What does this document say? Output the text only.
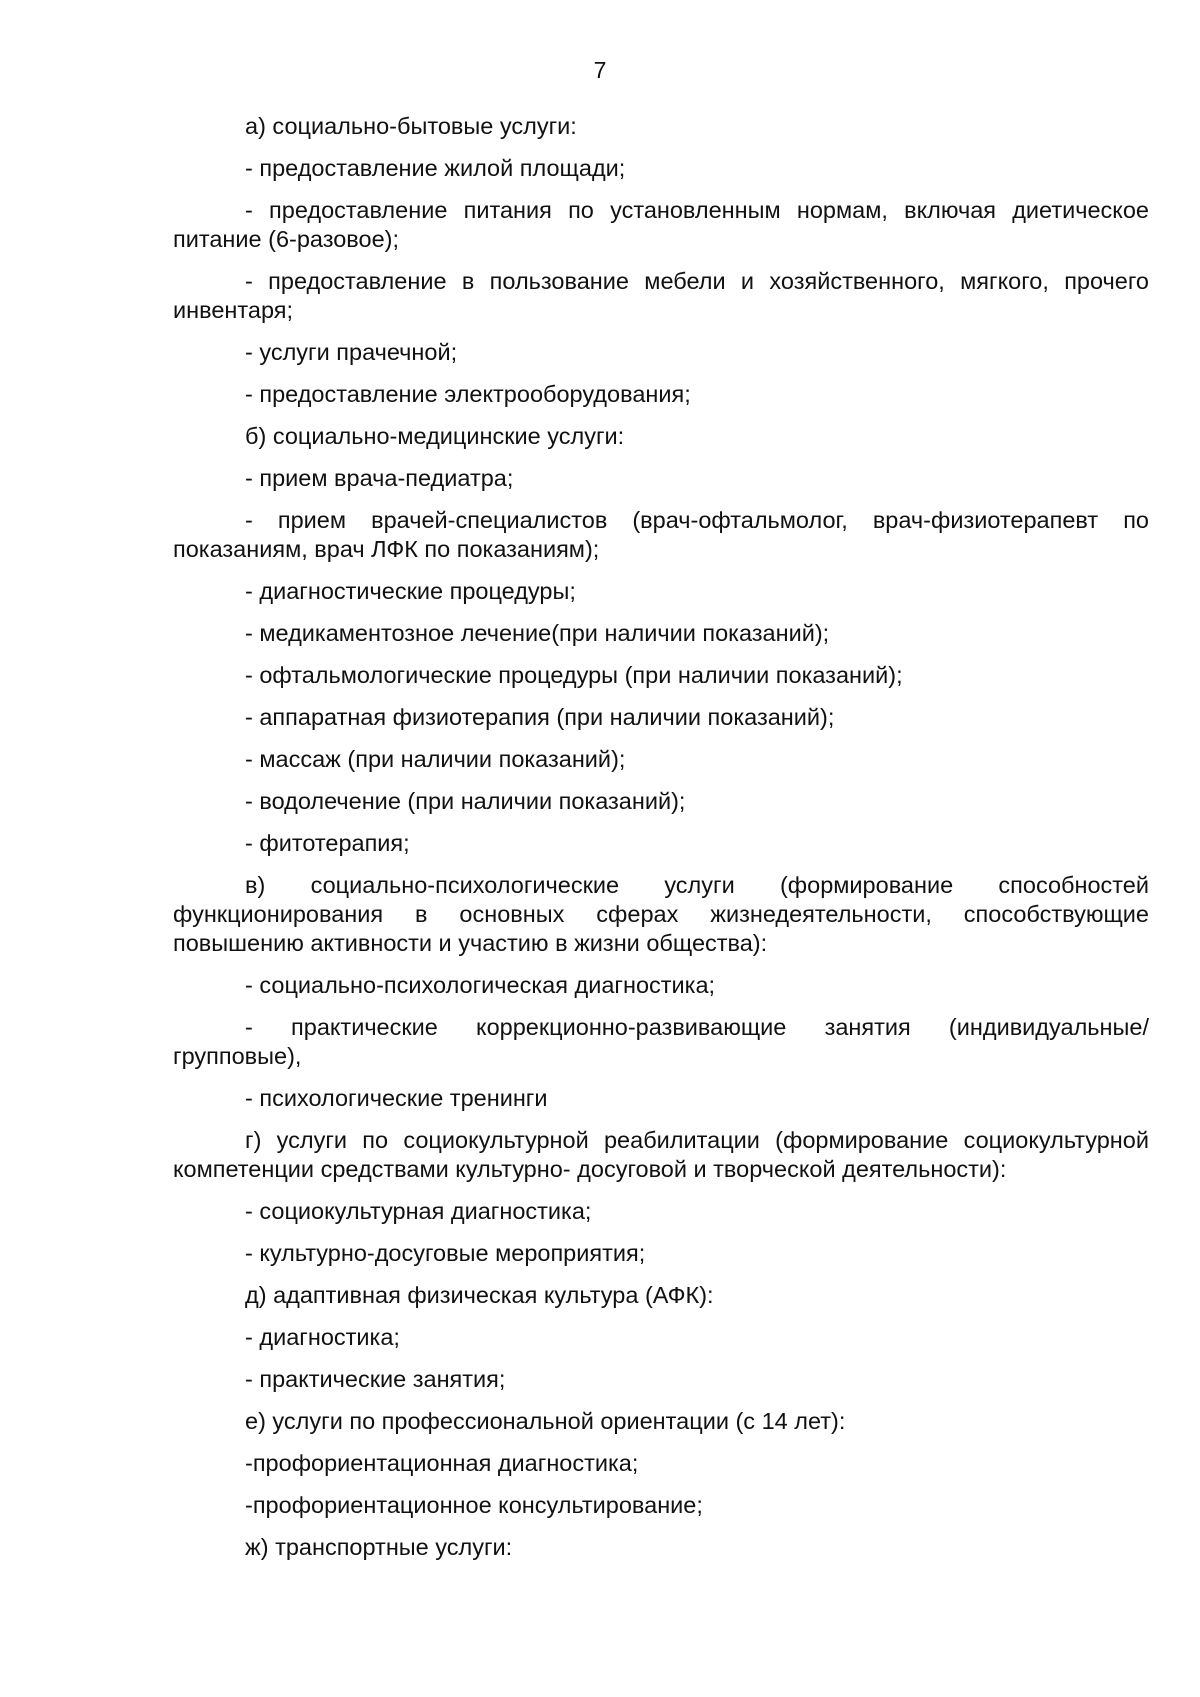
7

а) социально-бытовые услуги:

- предоставление жилой площади;

- предоставление питания по установленным нормам, включая диетическое питание (6-разовое);

- предоставление в пользование мебели и хозяйственного, мягкого, прочего инвентаря;

- услуги прачечной;

- предоставление электрооборудования;

б) социально-медицинские услуги:

- прием врача-педиатра;

- прием врачей-специалистов (врач-офтальмолог, врач-физиотерапевт по показаниям, врач ЛФК по показаниям);

- диагностические процедуры;

- медикаментозное лечение(при наличии показаний);

- офтальмологические процедуры (при наличии показаний);

- аппаратная физиотерапия (при наличии показаний);

- массаж (при наличии показаний);

- водолечение (при наличии показаний);

- фитотерапия;

в) социально-психологические услуги (формирование способностей функционирования в основных сферах жизнедеятельности, способствующие повышению активности и участию в жизни общества):

- социально-психологическая диагностика;

- практические коррекционно-развивающие занятия (индивидуальные/групповые),

- психологические тренинги

г) услуги по социокультурной реабилитации (формирование социокультурной компетенции средствами культурно- досуговой и творческой деятельности):

- социокультурная диагностика;

- культурно-досуговые мероприятия;

д) адаптивная физическая культура (АФК):

- диагностика;

- практические занятия;

е) услуги по профессиональной ориентации (с 14 лет):

-профориентационная диагностика;

-профориентационное консультирование;

ж) транспортные услуги:
